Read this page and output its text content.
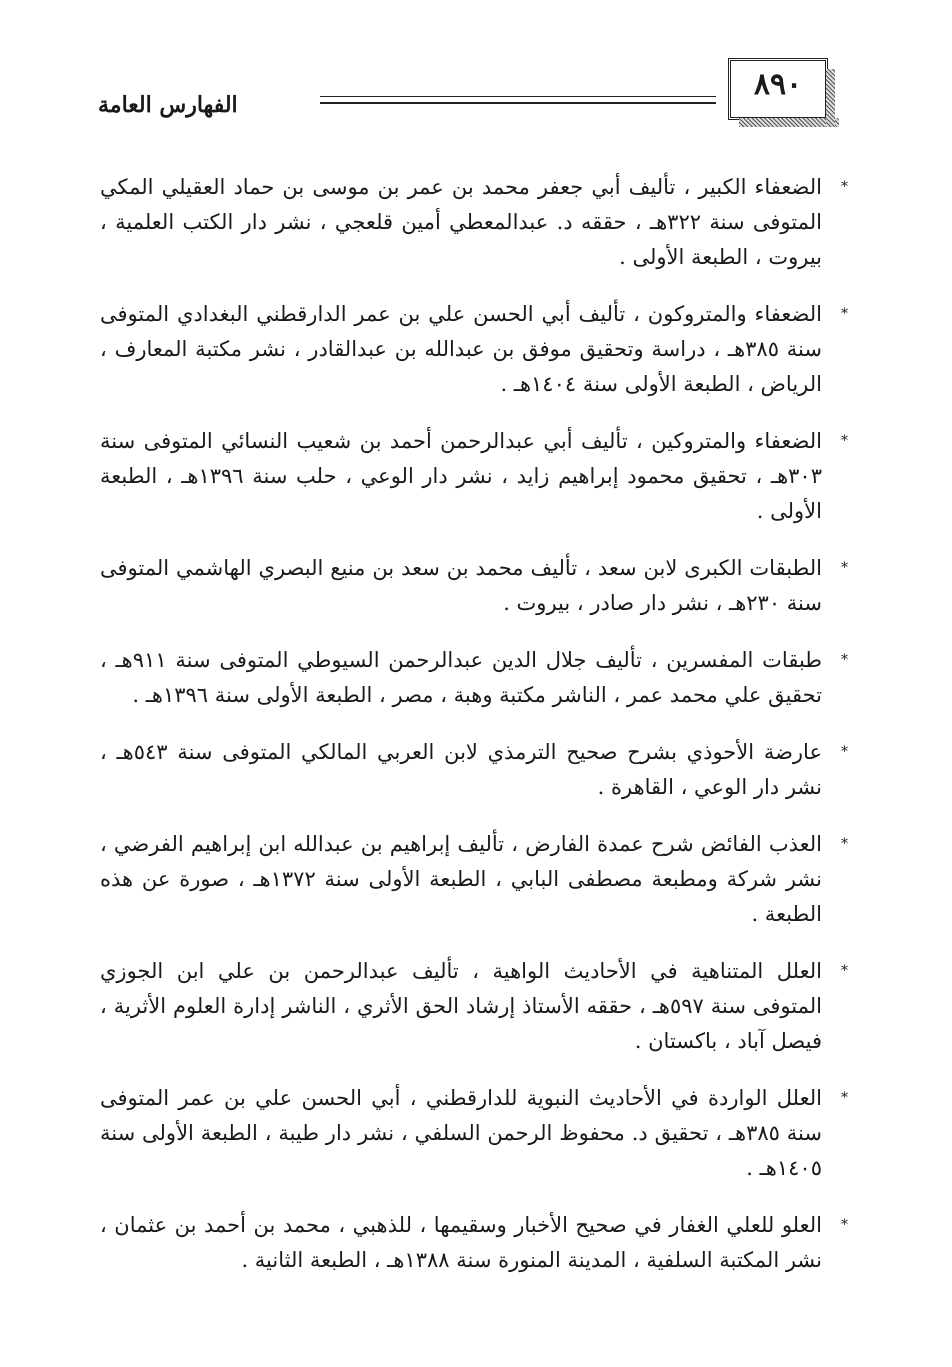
الفهارس العامة
٨٩٠
*
الضعفاء الكبير ، تأليف أبي جعفر محمد بن عمر بن موسى بن حماد العقيلي المكي المتوفى سنة ٣٢٢هـ ، حققه د. عبدالمعطي أمين قلعجي ، نشر دار الكتب العلمية ، بيروت ، الطبعة الأولى .
*
الضعفاء والمتروكون ، تأليف أبي الحسن علي بن عمر الدارقطني البغدادي المتوفى سنة ٣٨٥هـ ، دراسة وتحقيق موفق بن عبدالله بن عبدالقادر ، نشر مكتبة المعارف ، الرياض ، الطبعة الأولى سنة ١٤٠٤هـ .
*
الضعفاء والمتروكين ، تأليف أبي عبدالرحمن أحمد بن شعيب النسائي المتوفى سنة ٣٠٣هـ ، تحقيق محمود إبراهيم زايد ، نشر دار الوعي ، حلب سنة ١٣٩٦هـ ، الطبعة الأولى .
*
الطبقات الكبرى لابن سعد ، تأليف محمد بن سعد بن منيع البصري الهاشمي المتوفى سنة ٢٣٠هـ ، نشر دار صادر ، بيروت .
*
طبقات المفسرين ، تأليف جلال الدين عبدالرحمن السيوطي المتوفى سنة ٩١١هـ ، تحقيق علي محمد عمر ، الناشر مكتبة وهبة ، مصر ، الطبعة الأولى سنة ١٣٩٦هـ .
*
عارضة الأحوذي بشرح صحيح الترمذي لابن العربي المالكي المتوفى سنة ٥٤٣هـ ، نشر دار الوعي ، القاهرة .
*
العذب الفائض شرح عمدة الفارض ، تأليف إبراهيم بن عبدالله ابن إبراهيم الفرضي ، نشر شركة ومطبعة مصطفى البابي ، الطبعة الأولى سنة ١٣٧٢هـ ، صورة عن هذه الطبعة .
*
العلل المتناهية في الأحاديث الواهية ، تأليف عبدالرحمن بن علي ابن الجوزي المتوفى سنة ٥٩٧هـ ، حققه الأستاذ إرشاد الحق الأثري ، الناشر إدارة العلوم الأثرية ، فيصل آباد ، باكستان .
*
العلل الواردة في الأحاديث النبوية للدارقطني ، أبي الحسن علي بن عمر المتوفى سنة ٣٨٥هـ ، تحقيق د. محفوظ الرحمن السلفي ، نشر دار طيبة ، الطبعة الأولى سنة ١٤٠٥هـ .
*
العلو للعلي الغفار في صحيح الأخبار وسقيمها ، للذهبي ، محمد بن أحمد بن عثمان ، نشر المكتبة السلفية ، المدينة المنورة سنة ١٣٨٨هـ ، الطبعة الثانية .
